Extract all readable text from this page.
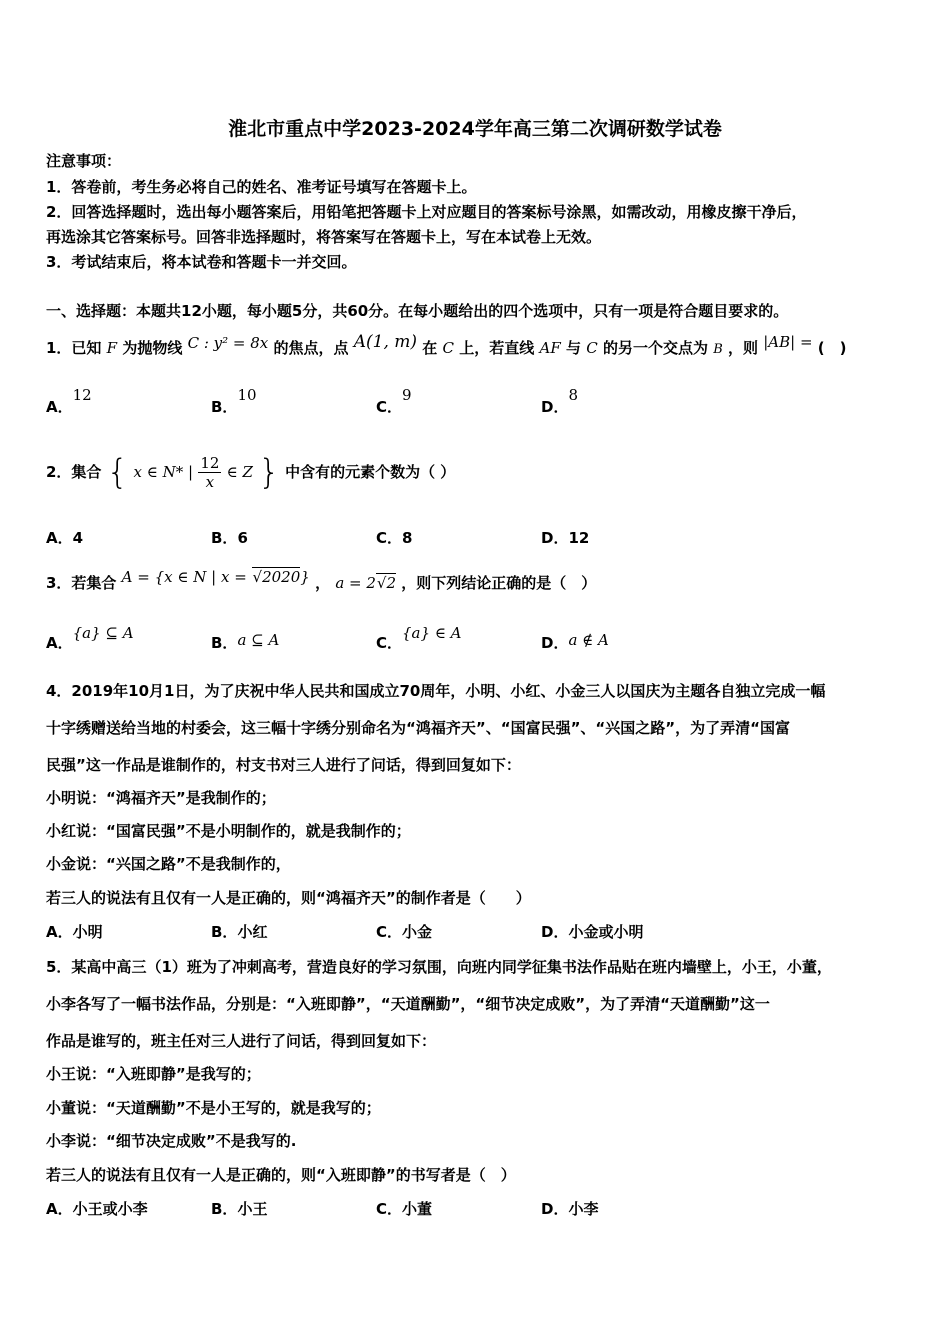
淮北市重点中学2023-2024学年高三第二次调研数学试卷
注意事项：
1．答卷前，考生务必将自己的姓名、准考证号填写在答题卡上。
2．回答选择题时，选出每小题答案后，用铅笔把答题卡上对应题目的答案标号涂黑，如需改动，用橡皮擦干净后，
再选涂其它答案标号。回答非选择题时，将答案写在答题卡上，写在本试卷上无效。
3．考试结束后，将本试卷和答题卡一并交回。
一、选择题：本题共12小题，每小题5分，共60分。在每小题给出的四个选项中，只有一项是符合题目要求的。
1．已知 F 为抛物线 C : y² = 8x 的焦点，点 A(1, m) 在 C 上，若直线 AF 与 C 的另一个交点为 B ，则 |AB| = (　)
A．12
B．10
C．9
D．8
2．集合 { x ∈ N* | $\frac{12}{x}$ ∈ Z } 中含有的元素个数为（ ）
A．4	B．6	C．8	D．12
3．若集合 A = {x ∈ N | x = √2020} ， a = 2√2 ，则下列结论正确的是（　）
A．{a} ⊆ A
B．a ⊆ A	C．{a} ∈ A
D．a ∉ A
4．2019年10月1日，为了庆祝中华人民共和国成立70周年，小明、小红、小金三人以国庆为主题各自独立完成一幅
十字绣赠送给当地的村委会，这三幅十字绣分别命名为“鸿福齐天”、“国富民强”、“兴国之路”，为了弄清“国富
民强”这一作品是谁制作的，村支书对三人进行了问话，得到回复如下：
小明说：“鸿福齐天”是我制作的；
小红说：“国富民强”不是小明制作的，就是我制作的；
小金说：“兴国之路”不是我制作的，
若三人的说法有且仅有一人是正确的，则“鸿福齐天”的制作者是（　　）
A．小明	B．小红	C．小金	D．小金或小明
5．某高中高三（1）班为了冲刺高考，营造良好的学习氛围，向班内同学征集书法作品贴在班内墙壁上，小王，小董，
小李各写了一幅书法作品，分别是：“入班即静”，“天道酬勤”，“细节决定成败”，为了弄清“天道酬勤”这一
作品是谁写的，班主任对三人进行了问话，得到回复如下：
小王说：“入班即静”是我写的；
小董说：“天道酬勤”不是小王写的，就是我写的；
小李说：“细节决定成败”不是我写的.
若三人的说法有且仅有一人是正确的，则“入班即静”的书写者是（　）
A．小王或小李	B．小王	C．小董	D．小李
